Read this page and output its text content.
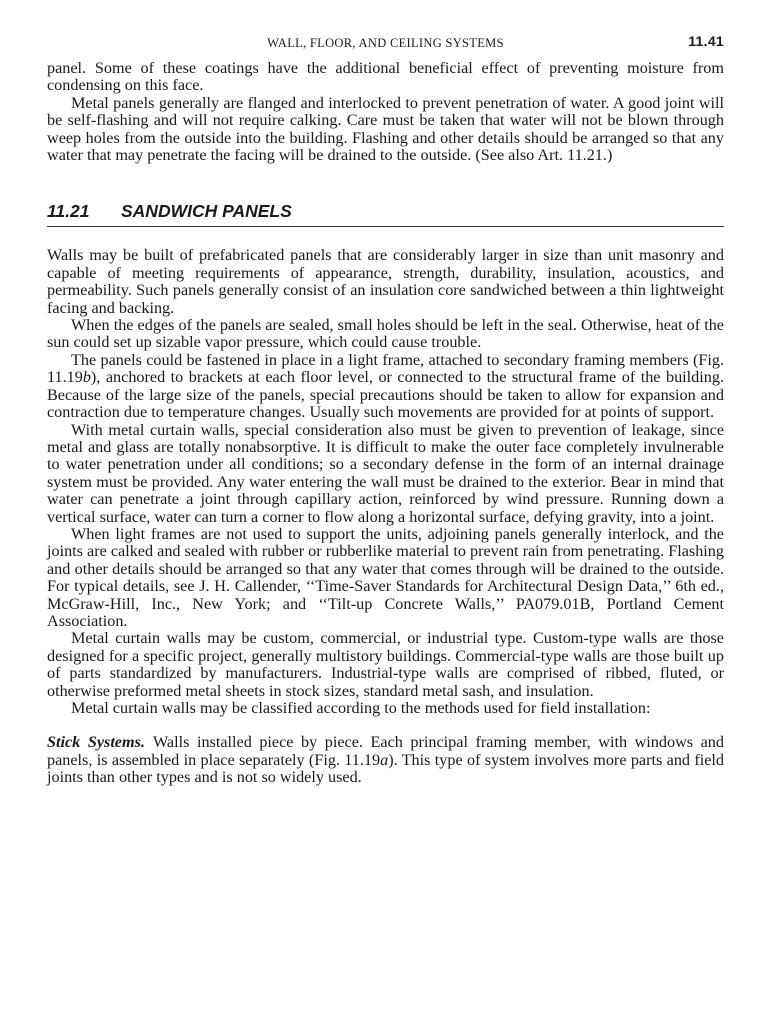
WALL, FLOOR, AND CEILING SYSTEMS	11.41

panel. Some of these coatings have the additional beneficial effect of preventing moisture from condensing on this face.

Metal panels generally are flanged and interlocked to prevent penetration of water. A good joint will be self-flashing and will not require calking. Care must be taken that water will not be blown through weep holes from the outside into the building. Flashing and other details should be arranged so that any water that may penetrate the facing will be drained to the outside. (See also Art. 11.21.)

11.21 SANDWICH PANELS

Walls may be built of prefabricated panels that are considerably larger in size than unit masonry and capable of meeting requirements of appearance, strength, durability, insulation, acoustics, and permeability. Such panels generally consist of an insulation core sandwiched between a thin lightweight facing and backing.

When the edges of the panels are sealed, small holes should be left in the seal. Otherwise, heat of the sun could set up sizable vapor pressure, which could cause trouble.

The panels could be fastened in place in a light frame, attached to secondary framing members (Fig. 11.19b), anchored to brackets at each floor level, or connected to the structural frame of the building. Because of the large size of the panels, special precautions should be taken to allow for expansion and contraction due to temperature changes. Usually such movements are provided for at points of support.

With metal curtain walls, special consideration also must be given to prevention of leakage, since metal and glass are totally nonabsorptive. It is difficult to make the outer face completely invulnerable to water penetration under all conditions; so a secondary defense in the form of an internal drainage system must be provided. Any water entering the wall must be drained to the exterior. Bear in mind that water can penetrate a joint through capillary action, reinforced by wind pressure. Running down a vertical surface, water can turn a corner to flow along a horizontal surface, defying gravity, into a joint.

When light frames are not used to support the units, adjoining panels generally interlock, and the joints are calked and sealed with rubber or rubberlike material to prevent rain from penetrating. Flashing and other details should be arranged so that any water that comes through will be drained to the outside. For typical details, see J. H. Callender, ‘‘Time-Saver Standards for Architectural Design Data,’’ 6th ed., McGraw-Hill, Inc., New York; and ‘‘Tilt-up Concrete Walls,’’ PA079.01B, Portland Cement Association.

Metal curtain walls may be custom, commercial, or industrial type. Custom-type walls are those designed for a specific project, generally multistory buildings. Commercial-type walls are those built up of parts standardized by manufacturers. Industrial-type walls are comprised of ribbed, fluted, or otherwise preformed metal sheets in stock sizes, standard metal sash, and insulation.

Metal curtain walls may be classified according to the methods used for field installation:

Stick Systems. Walls installed piece by piece. Each principal framing member, with windows and panels, is assembled in place separately (Fig. 11.19a). This type of system involves more parts and field joints than other types and is not so widely used.
